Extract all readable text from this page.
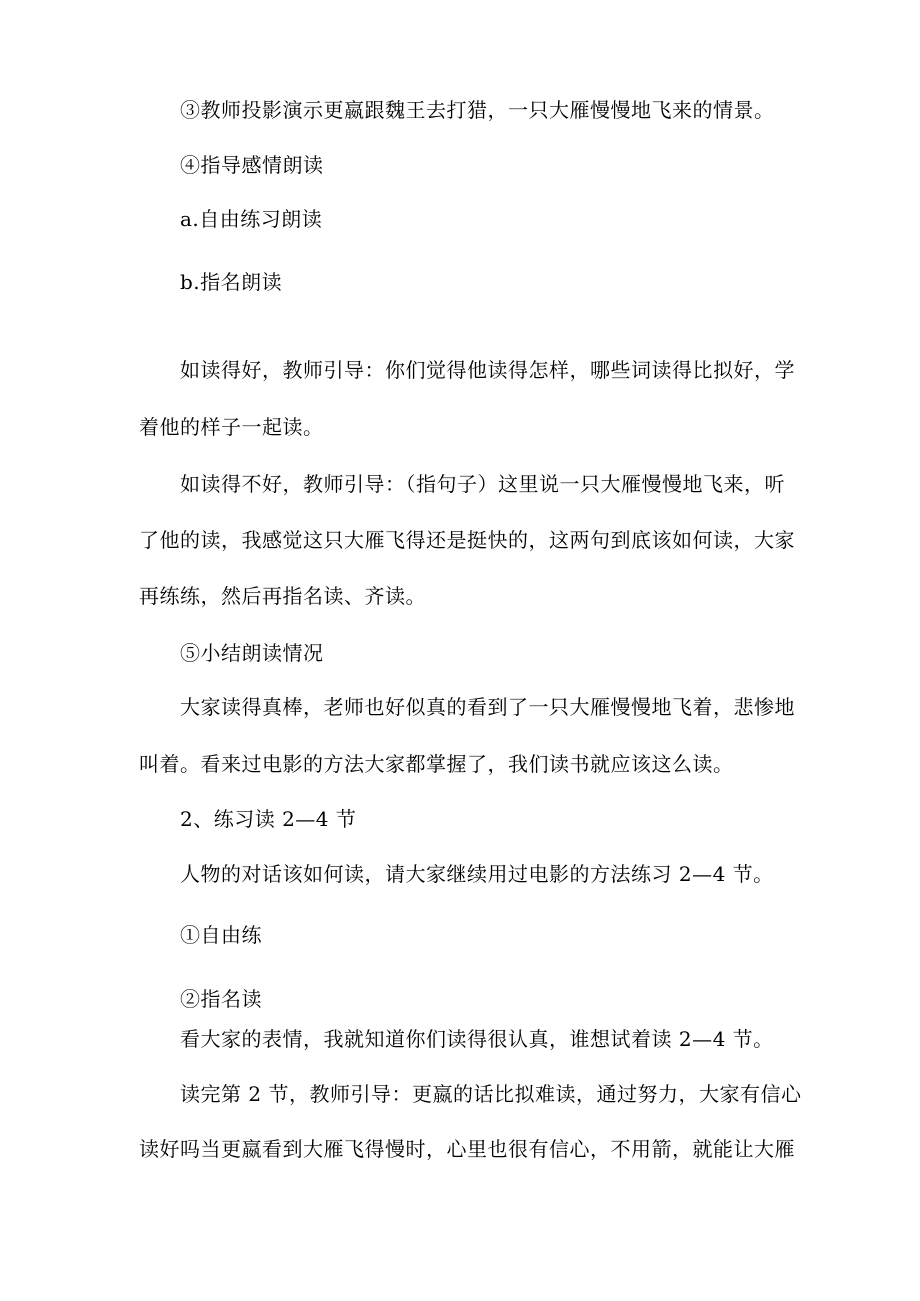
③教师投影演示更嬴跟魏王去打猎，一只大雁慢慢地飞来的情景。
④指导感情朗读
a.自由练习朗读
b.指名朗读
如读得好，教师引导：你们觉得他读得怎样，哪些词读得比拟好，学
着他的样子一起读。
如读得不好，教师引导：（指句子）这里说一只大雁慢慢地飞来，听
了他的读，我感觉这只大雁飞得还是挺快的，这两句到底该如何读，大家
再练练，然后再指名读、齐读。
⑤小结朗读情况
大家读得真棒，老师也好似真的看到了一只大雁慢慢地飞着，悲惨地
叫着。看来过电影的方法大家都掌握了，我们读书就应该这么读。
2、练习读 2—4 节
人物的对话该如何读，请大家继续用过电影的方法练习 2—4 节。
①自由练
②指名读
看大家的表情，我就知道你们读得很认真，谁想试着读 2—4 节。
读完第 2 节，教师引导：更嬴的话比拟难读，通过努力，大家有信心
读好吗当更嬴看到大雁飞得慢时，心里也很有信心，不用箭，就能让大雁
